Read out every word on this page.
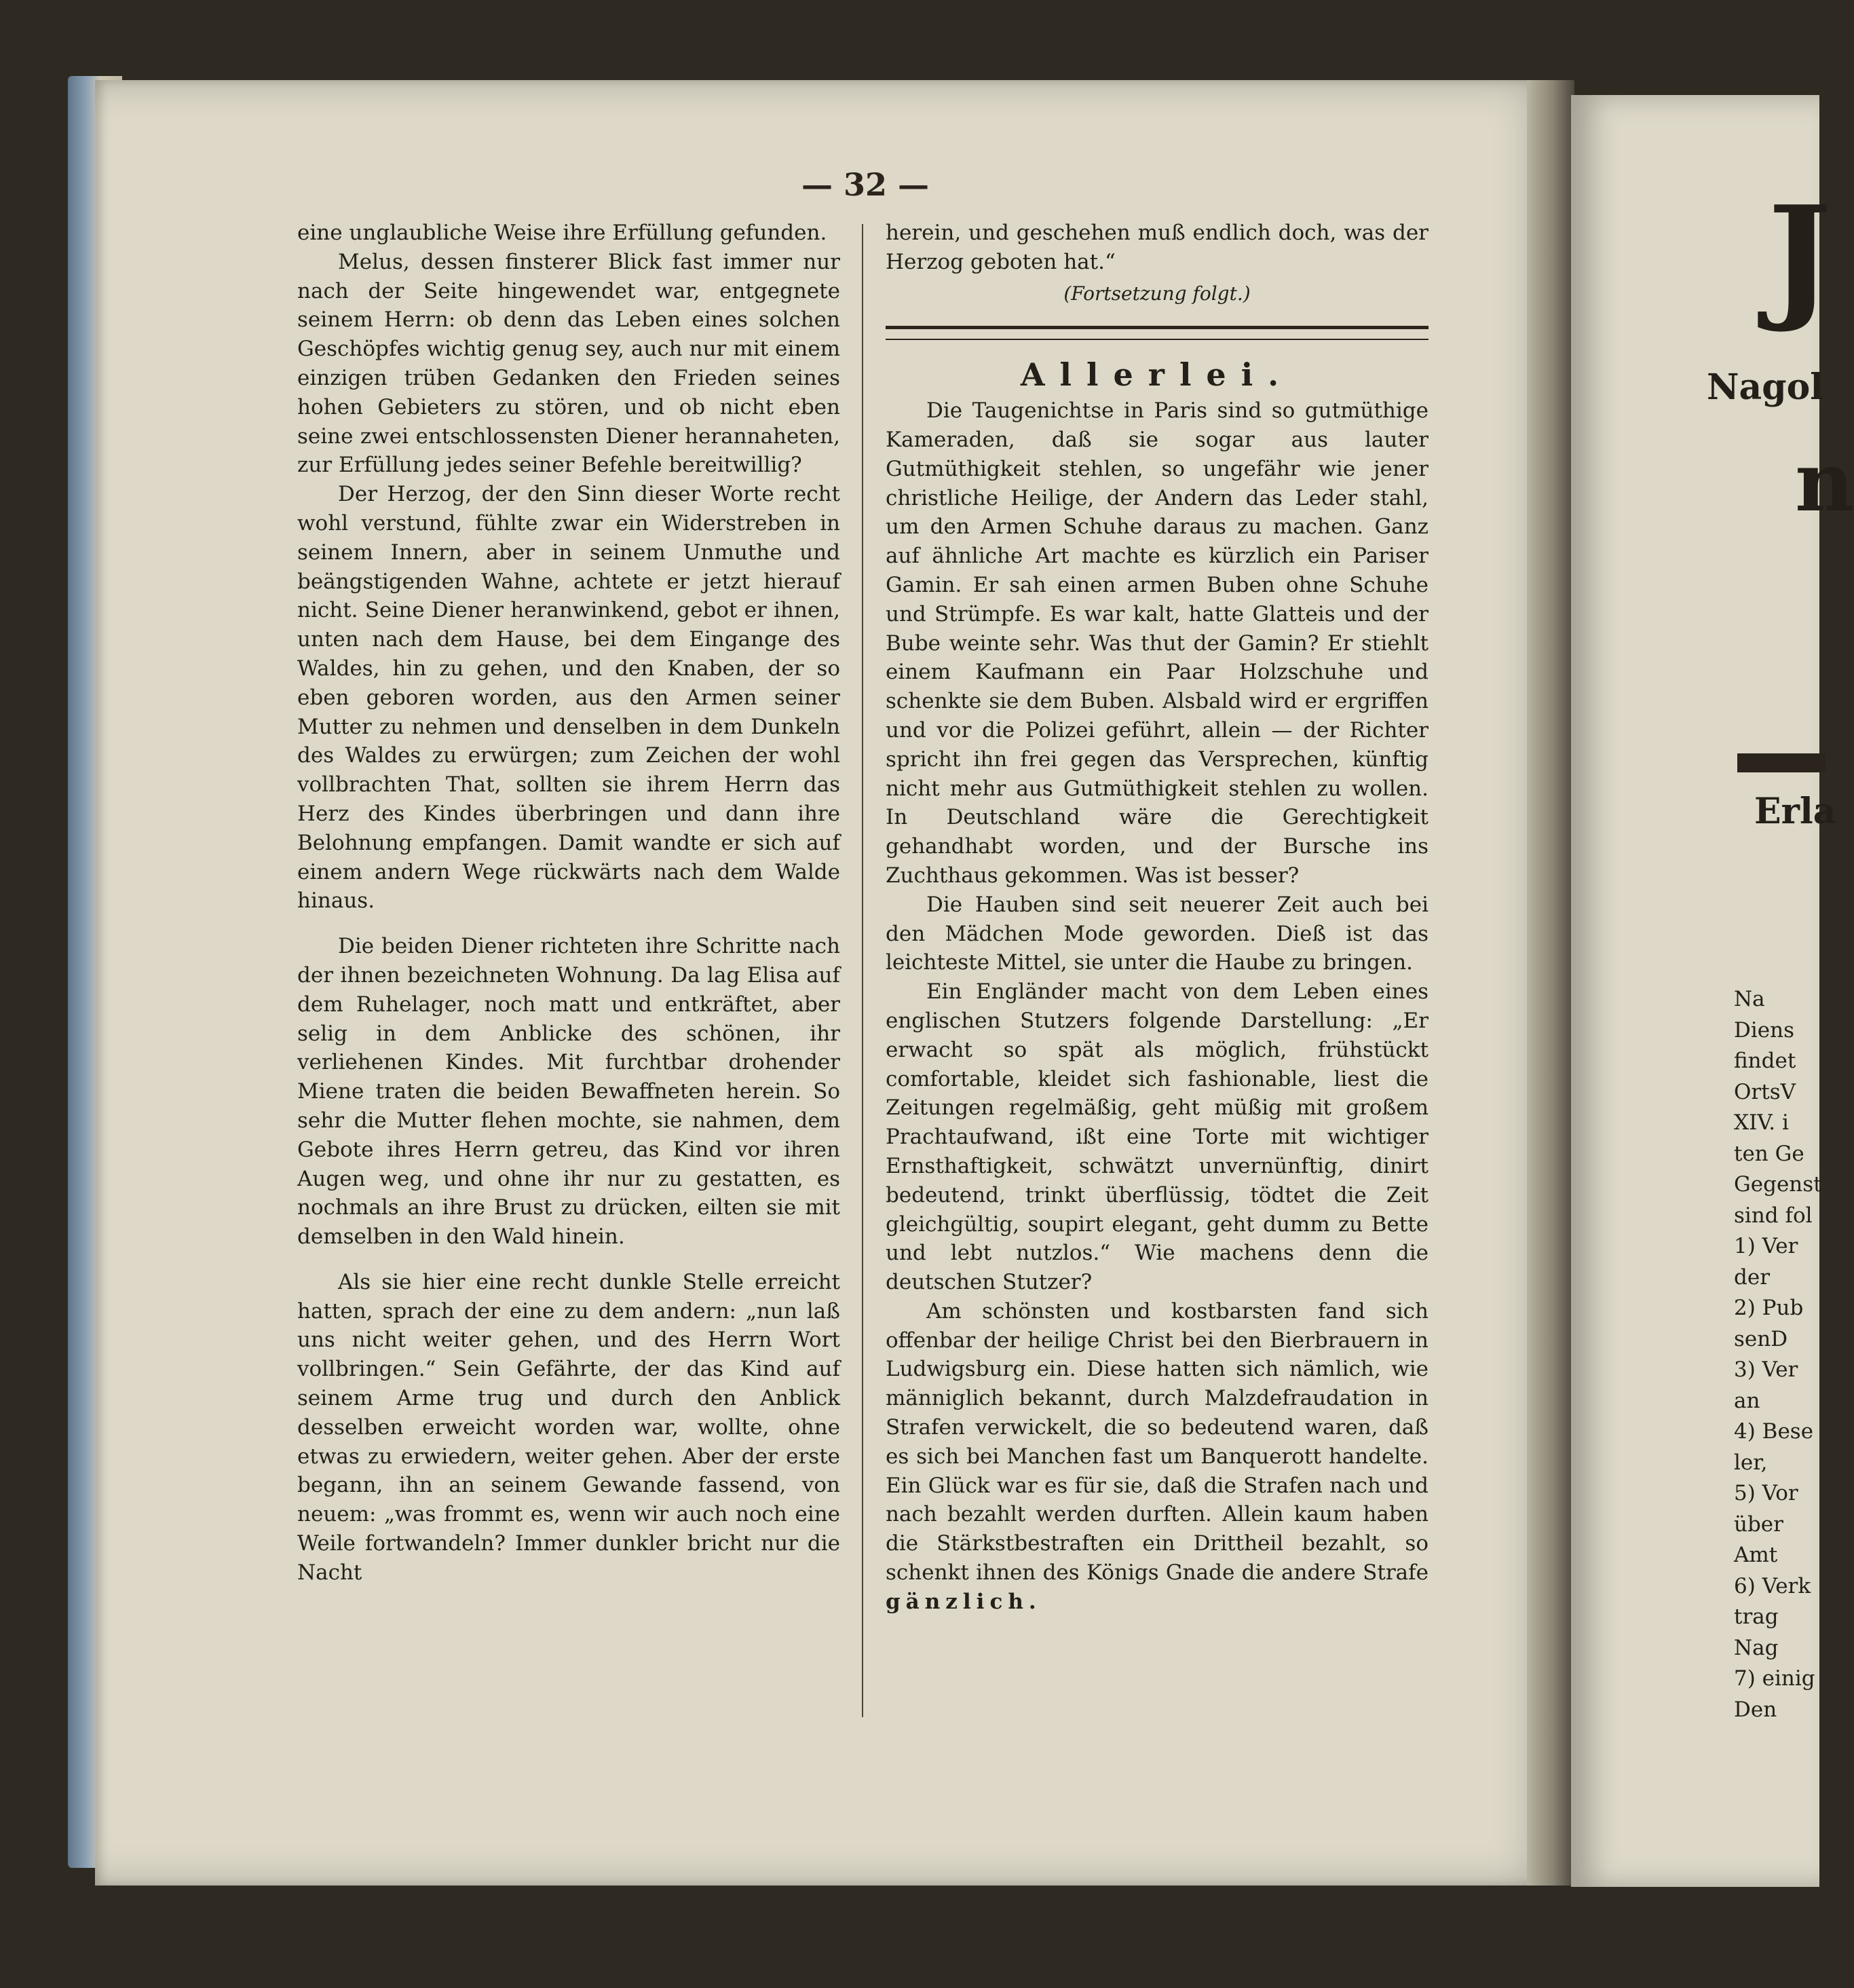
— 32 —

eine unglaubliche Weise ihre Erfüllung gefunden.

Melus, dessen finsterer Blick fast immer nur nach der Seite hingewendet war, entgegnete seinem Herrn: ob denn das Leben eines solchen Geschöpfes wichtig genug sey, auch nur mit einem einzigen trüben Gedanken den Frieden seines hohen Gebieters zu stören, und ob nicht eben seine zwei entschlossensten Diener herannaheten, zur Erfüllung jedes seiner Befehle bereitwillig?

Der Herzog, der den Sinn dieser Worte recht wohl verstund, fühlte zwar ein Widerstreben in seinem Innern, aber in seinem Unmuthe und beängstigenden Wahne, achtete er jetzt hierauf nicht. Seine Diener heranwinkend, gebot er ihnen, unten nach dem Hause, bei dem Eingange des Waldes, hin zu gehen, und den Knaben, der so eben geboren worden, aus den Armen seiner Mutter zu nehmen und denselben in dem Dunkeln des Waldes zu erwürgen; zum Zeichen der wohl vollbrachten That, sollten sie ihrem Herrn das Herz des Kindes überbringen und dann ihre Belohnung empfangen. Damit wandte er sich auf einem andern Wege rückwärts nach dem Walde hinaus.

Die beiden Diener richteten ihre Schritte nach der ihnen bezeichneten Wohnung. Da lag Elisa auf dem Ruhelager, noch matt und entkräftet, aber selig in dem Anblicke des schönen, ihr verliehenen Kindes. Mit furchtbar drohender Miene traten die beiden Bewaffneten herein. So sehr die Mutter flehen mochte, sie nahmen, dem Gebote ihres Herrn getreu, das Kind vor ihren Augen weg, und ohne ihr nur zu gestatten, es nochmals an ihre Brust zu drücken, eilten sie mit demselben in den Wald hinein.

Als sie hier eine recht dunkle Stelle erreicht hatten, sprach der eine zu dem andern: „nun laß uns nicht weiter gehen, und des Herrn Wort vollbringen.“ Sein Gefährte, der das Kind auf seinem Arme trug und durch den Anblick desselben erweicht worden war, wollte, ohne etwas zu erwiedern, weiter gehen. Aber der erste begann, ihn an seinem Gewande fassend, von neuem: „was frommt es, wenn wir auch noch eine Weile fortwandeln? Immer dunkler bricht nur die Nacht

herein, und geschehen muß endlich doch, was der Herzog geboten hat.“

(Fortsetzung folgt.)

Allerlei.

Die Taugenichtse in Paris sind so gutmüthige Kameraden, daß sie sogar aus lauter Gutmüthigkeit stehlen, so ungefähr wie jener christliche Heilige, der Andern das Leder stahl, um den Armen Schuhe daraus zu machen. Ganz auf ähnliche Art machte es kürzlich ein Pariser Gamin. Er sah einen armen Buben ohne Schuhe und Strümpfe. Es war kalt, hatte Glatteis und der Bube weinte sehr. Was thut der Gamin? Er stiehlt einem Kaufmann ein Paar Holzschuhe und schenkte sie dem Buben. Alsbald wird er ergriffen und vor die Polizei geführt, allein — der Richter spricht ihn frei gegen das Versprechen, künftig nicht mehr aus Gutmüthigkeit stehlen zu wollen. In Deutschland wäre die Gerechtigkeit gehandhabt worden, und der Bursche ins Zuchthaus gekommen. Was ist besser?

Die Hauben sind seit neuerer Zeit auch bei den Mädchen Mode geworden. Dieß ist das leichteste Mittel, sie unter die Haube zu bringen.

Ein Engländer macht von dem Leben eines englischen Stutzers folgende Darstellung: „Er erwacht so spät als möglich, frühstückt comfortable, kleidet sich fashionable, liest die Zeitungen regelmäßig, geht müßig mit großem Prachtaufwand, ißt eine Torte mit wichtiger Ernsthaftigkeit, schwätzt unvernünftig, dinirt bedeutend, trinkt überflüssig, tödtet die Zeit gleichgültig, soupirt elegant, geht dumm zu Bette und lebt nutzlos.“ Wie machens denn die deutschen Stutzer?

Am schönsten und kostbarsten fand sich offenbar der heilige Christ bei den Bierbrauern in Ludwigsburg ein. Diese hatten sich nämlich, wie männiglich bekannt, durch Malzdefraudation in Strafen verwickelt, die so bedeutend waren, daß es sich bei Manchen fast um Banquerott handelte. Ein Glück war es für sie, daß die Strafen nach und nach bezahlt werden durften. Allein kaum haben die Stärkstbestraften ein Drittheil bezahlt, so schenkt ihnen des Königs Gnade die andere Strafe gänzlich.

J
Nagol
n
Erla
Na
Diens
findet
OrtsV
XIV. i
ten Ge
Gegenst
sind fol
1) Ver
der
2) Pub
senD
3) Ver
an
4) Bese
ler,
5) Vor
über
Amt
6) Verk
trag
Nag
7) einig
Den
